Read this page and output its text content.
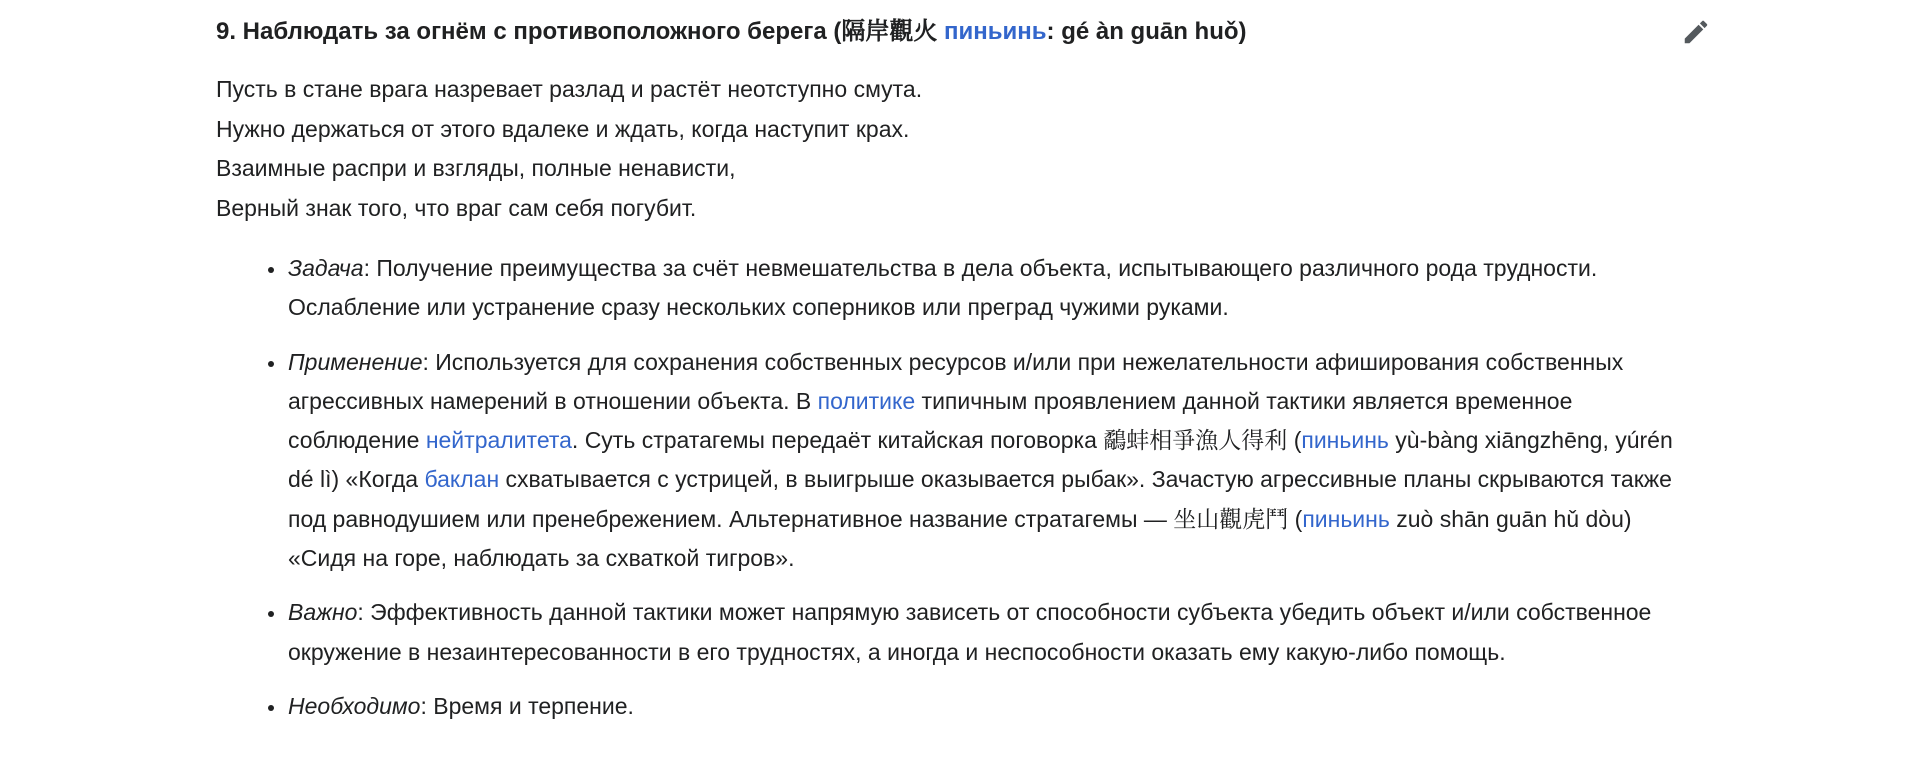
9. Наблюдать за огнём с противоположного берега (隔岸觀火 пиньинь: gé àn guān huǒ)
Пусть в стане врага назревает разлад и растёт неотступно смута.
Нужно держаться от этого вдалеке и ждать, когда наступит крах.
Взаимные распри и взгляды, полные ненависти,
Верный знак того, что враг сам себя погубит.
Задача: Получение преимущества за счёт невмешательства в дела объекта, испытывающего различного рода трудности. Ослабление или устранение сразу нескольких соперников или преград чужими руками.
Применение: Используется для сохранения собственных ресурсов и/или при нежелательности афиширования собственных агрессивных намерений в отношении объекта. В политике типичным проявлением данной тактики является временное соблюдение нейтралитета. Суть стратагемы передаёт китайская поговорка 鷸蚌相爭漁人得利 (пиньинь yù-bàng xiāngzhēng, yúrén dé lì) «Когда баклан схватывается с устрицей, в выигрыше оказывается рыбак». Зачастую агрессивные планы скрываются также под равнодушием или пренебрежением. Альтернативное название стратагемы — 坐山觀虎鬥 (пиньинь zuò shān guān hǔ dòu) «Сидя на горе, наблюдать за схваткой тигров».
Важно: Эффективность данной тактики может напрямую зависеть от способности субъекта убедить объект и/или собственное окружение в незаинтересованности в его трудностях, а иногда и неспособности оказать ему какую-либо помощь.
Необходимо: Время и терпение.
